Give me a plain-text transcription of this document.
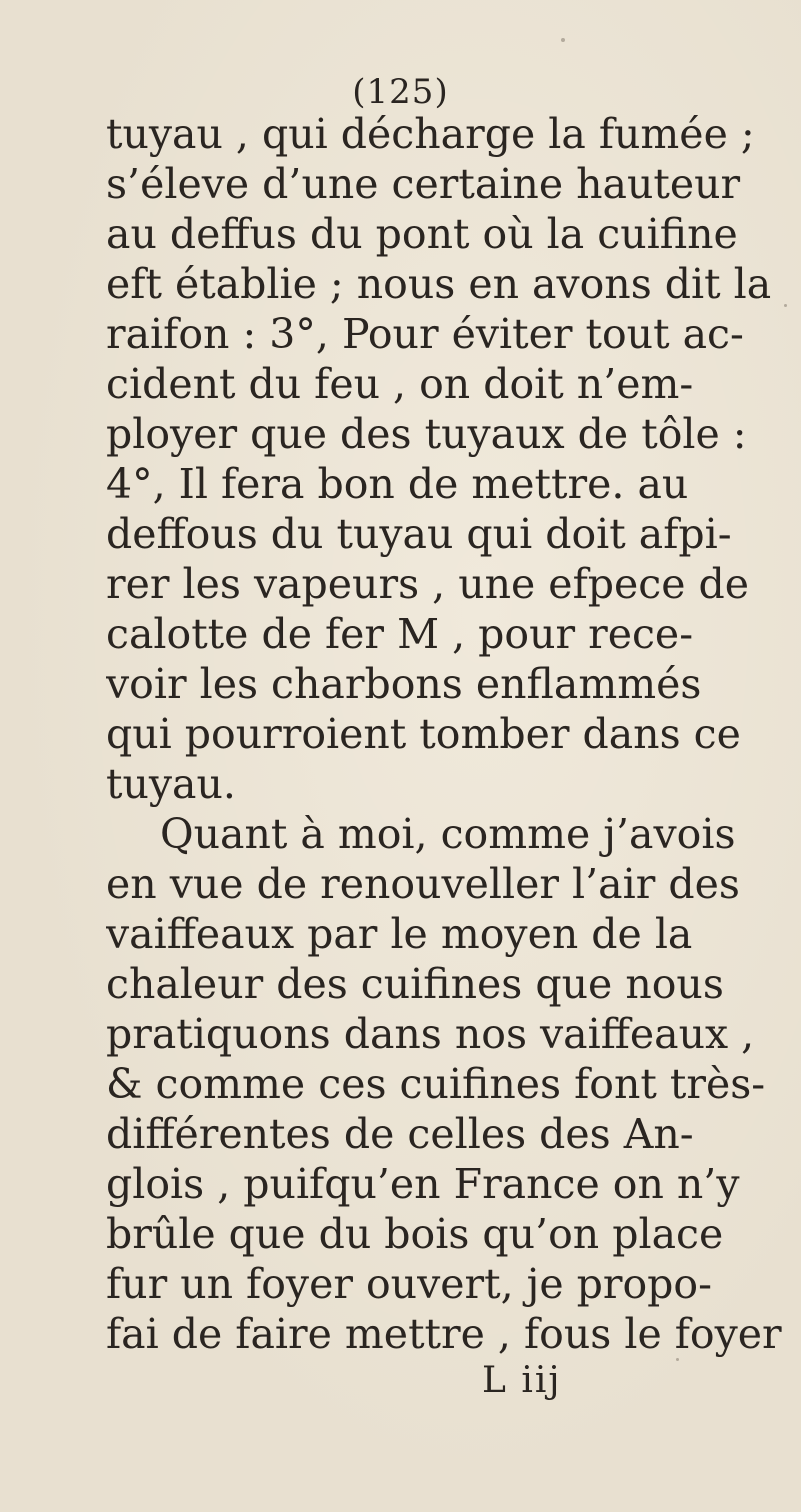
(125)
tuyau , qui décharge la fumée ;
s’éleve d’une certaine hauteur
au deffus du pont où la cuifine
eft établie ; nous en avons dit la
raifon : 3°, Pour éviter tout ac-
cident du feu , on doit n’em-
ployer que des tuyaux de tôle :
4°, Il fera bon de mettre. au
deffous du tuyau qui doit afpi-
rer les vapeurs , une efpece de
calotte de fer M , pour rece-
voir les charbons enflammés
qui pourroient tomber dans ce
tuyau.
Quant à moi, comme j’avois
en vue de renouveller l’air des
vaiffeaux par le moyen de la
chaleur des cuifines que nous
pratiquons dans nos vaiffeaux ,
& comme ces cuifines font très-
différentes de celles des An-
glois , puifqu’en France on n’y
brûle que du bois qu’on place
fur un foyer ouvert, je propo-
fai de faire mettre , fous le foyer
L iij
